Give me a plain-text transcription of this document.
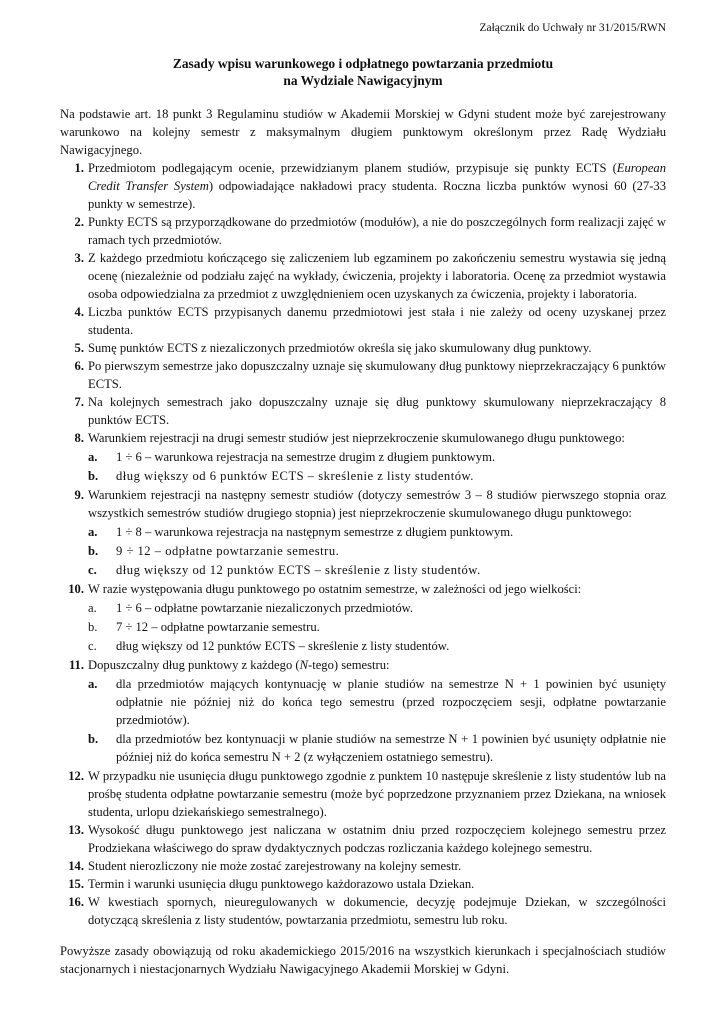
Załącznik do Uchwały nr 31/2015/RWN
Zasady wpisu warunkowego i odpłatnego powtarzania przedmiotu
na Wydziale Nawigacyjnym
Na podstawie art. 18 punkt 3 Regulaminu studiów w Akademii Morskiej w Gdyni student może być zarejestrowany warunkowo na kolejny semestr z maksymalnym długiem punktowym określonym przez Radę Wydziału Nawigacyjnego.
1. Przedmiotom podlegającym ocenie, przewidzianym planem studiów, przypisuje się punkty ECTS (European Credit Transfer System) odpowiadające nakładowi pracy studenta. Roczna liczba punktów wynosi 60 (27-33 punkty w semestrze).
2. Punkty ECTS są przyporządkowane do przedmiotów (modułów), a nie do poszczególnych form realizacji zajęć w ramach tych przedmiotów.
3. Z każdego przedmiotu kończącego się zaliczeniem lub egzaminem po zakończeniu semestru wystawia się jedną ocenę (niezależnie od podziału zajęć na wykłady, ćwiczenia, projekty i laboratoria. Ocenę za przedmiot wystawia osoba odpowiedzialna za przedmiot z uwzględnieniem ocen uzyskanych za ćwiczenia, projekty i laboratoria.
4. Liczba punktów ECTS przypisanych danemu przedmiotowi jest stała i nie zależy od oceny uzyskanej przez studenta.
5. Sumę punktów ECTS z niezaliczonych przedmiotów określa się jako skumulowany dług punktowy.
6. Po pierwszym semestrze jako dopuszczalny uznaje się skumulowany dług punktowy nieprzekraczający 6 punktów ECTS.
7. Na kolejnych semestrach jako dopuszczalny uznaje się dług punktowy skumulowany nieprzekraczający 8 punktów ECTS.
8. Warunkiem rejestracji na drugi semestr studiów jest nieprzekroczenie skumulowanego długu punktowego:
a. 1 ÷ 6 – warunkowa rejestracja na semestrze drugim z długiem punktowym.
b. dług większy od 6 punktów ECTS – skreślenie z listy studentów.
9. Warunkiem rejestracji na następny semestr studiów (dotyczy semestrów 3 – 8 studiów pierwszego stopnia oraz wszystkich semestrów studiów drugiego stopnia) jest nieprzekroczenie skumulowanego długu punktowego:
a. 1 ÷ 8 – warunkowa rejestracja na następnym semestrze z długiem punktowym.
b. 9 ÷ 12 – odpłatne powtarzanie semestru.
c. dług większy od 12 punktów ECTS – skreślenie z listy studentów.
10. W razie występowania długu punktowego po ostatnim semestrze, w zależności od jego wielkości:
a. 1 ÷ 6 – odpłatne powtarzanie niezaliczonych przedmiotów.
b. 7 ÷ 12 – odpłatne powtarzanie semestru.
c. dług większy od 12 punktów ECTS – skreślenie z listy studentów.
11. Dopuszczalny dług punktowy z każdego (N-tego) semestru:
a. dla przedmiotów mających kontynuację w planie studiów na semestrze N + 1 powinien być usunięty odpłatnie nie później niż do końca tego semestru (przed rozpoczęciem sesji, odpłatne powtarzanie przedmiotów).
b. dla przedmiotów bez kontynuacji w planie studiów na semestrze N + 1 powinien być usunięty odpłatnie nie później niż do końca semestru N + 2 (z wyłączeniem ostatniego semestru).
12. W przypadku nie usunięcia długu punktowego zgodnie z punktem 10 następuje skreślenie z listy studentów lub na prośbę studenta odpłatne powtarzanie semestru (może być poprzedzone przyznaniem przez Dziekana, na wniosek studenta, urlopu dziekańskiego semestralnego).
13. Wysokość długu punktowego jest naliczana w ostatnim dniu przed rozpoczęciem kolejnego semestru przez Prodziekana właściwego do spraw dydaktycznych podczas rozliczania każdego kolejnego semestru.
14. Student nierozliczony nie może zostać zarejestrowany na kolejny semestr.
15. Termin i warunki usunięcia długu punktowego każdorazowo ustala Dziekan.
16. W kwestiach spornych, nieuregulowanych w dokumencie, decyzję podejmuje Dziekan, w szczególności dotyczącą skreślenia z listy studentów, powtarzania przedmiotu, semestru lub roku.
Powyższe zasady obowiązują od roku akademickiego 2015/2016 na wszystkich kierunkach i specjalnościach studiów stacjonarnych i niestacjonarnych Wydziału Nawigacyjnego Akademii Morskiej w Gdyni.
